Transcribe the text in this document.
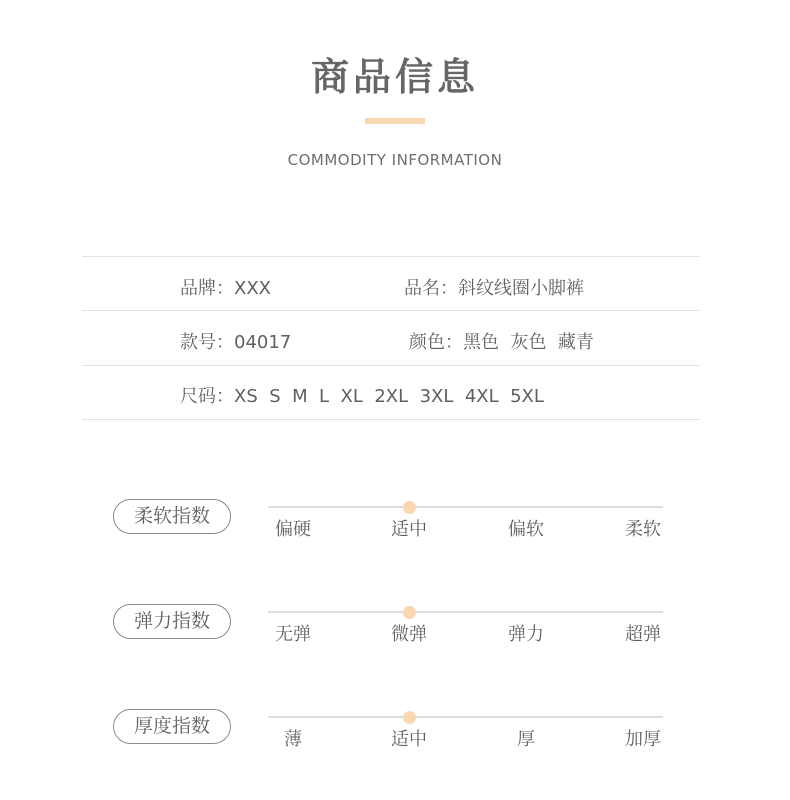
商品信息
COMMODITY INFORMATION
品牌：XXX	品名：斜纹线圈小脚裤
款号：04017	颜色：黑色  灰色  藏青
尺码：XS  S  M  L  XL  2XL  3XL  4XL  5XL
柔软指数
偏硬	适中	偏软	柔软
弹力指数
无弹	微弹	弹力	超弹
厚度指数
薄	适中	厚	加厚
